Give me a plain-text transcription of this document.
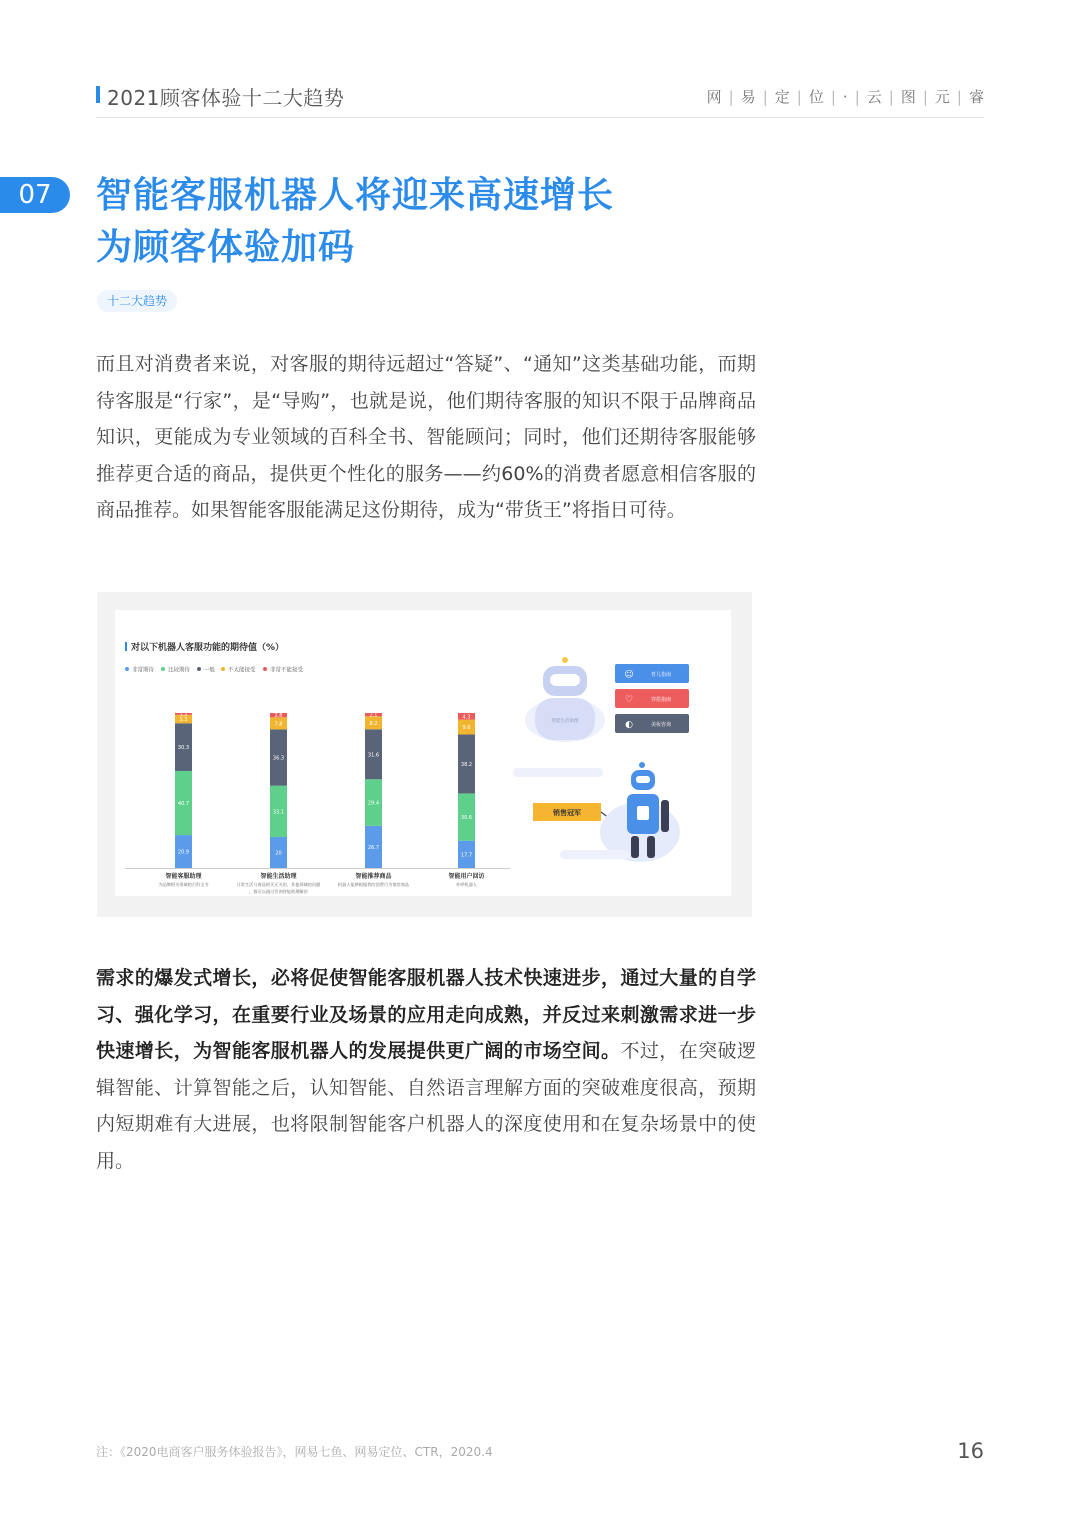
2021顾客体验十二大趋势	网 | 易 | 定 | 位 | · | 云 | 图 | 元 | 睿
07	智能客服机器人将迎来高速增长
为顾客体验加码
十二大趋势
而且对消费者来说，对客服的期待远超过“答疑”、“通知”这类基础功能，而期待客服是“行家”，是“导购”，也就是说，他们期待客服的知识不限于品牌商品知识，更能成为专业领域的百科全书、智能顾问；同时，他们还期待客服能够推荐更合适的商品，提供更个性化的服务——约60%的消费者愿意相信客服的商品推荐。如果智能客服能满足这份期待，成为“带货王”将指日可待。
对以下机器人客服功能的期待值（%）
非常期待	比较期待	一般 不太能接受	非常不能接受
20.9
40.7
30.3
5.3
1.2
智能客服助理
为品牌相关领域的百科全书
20
33.1
36.3
7.8
2.8
智能生活助理
日常生活与商品相关无关的，其他领域的问题
，都可以通过咨询智能助理解决
26.7
29.4
31.6
8.2
2.1
智能推荐商品
机器人能够根据我的消费行为推荐商品
17.7
30.6
38.2
9.6
4.3
智能用户回访
外呼机器人
智能生活助理
☺	育儿指南
♡	穿搭指南
◐	美妆咨询
销售冠军
需求的爆发式增长，必将促使智能客服机器人技术快速进步，通过大量的自学习、强化学习，在重要行业及场景的应用走向成熟，并反过来刺激需求进一步快速增长，为智能客服机器人的发展提供更广阔的市场空间。不过，在突破逻辑智能、计算智能之后，认知智能、自然语言理解方面的突破难度很高，预期内短期难有大进展，也将限制智能客户机器人的深度使用和在复杂场景中的使用。
注：《2020电商客户服务体验报告》，网易七鱼、网易定位、CTR，2020.4	16
